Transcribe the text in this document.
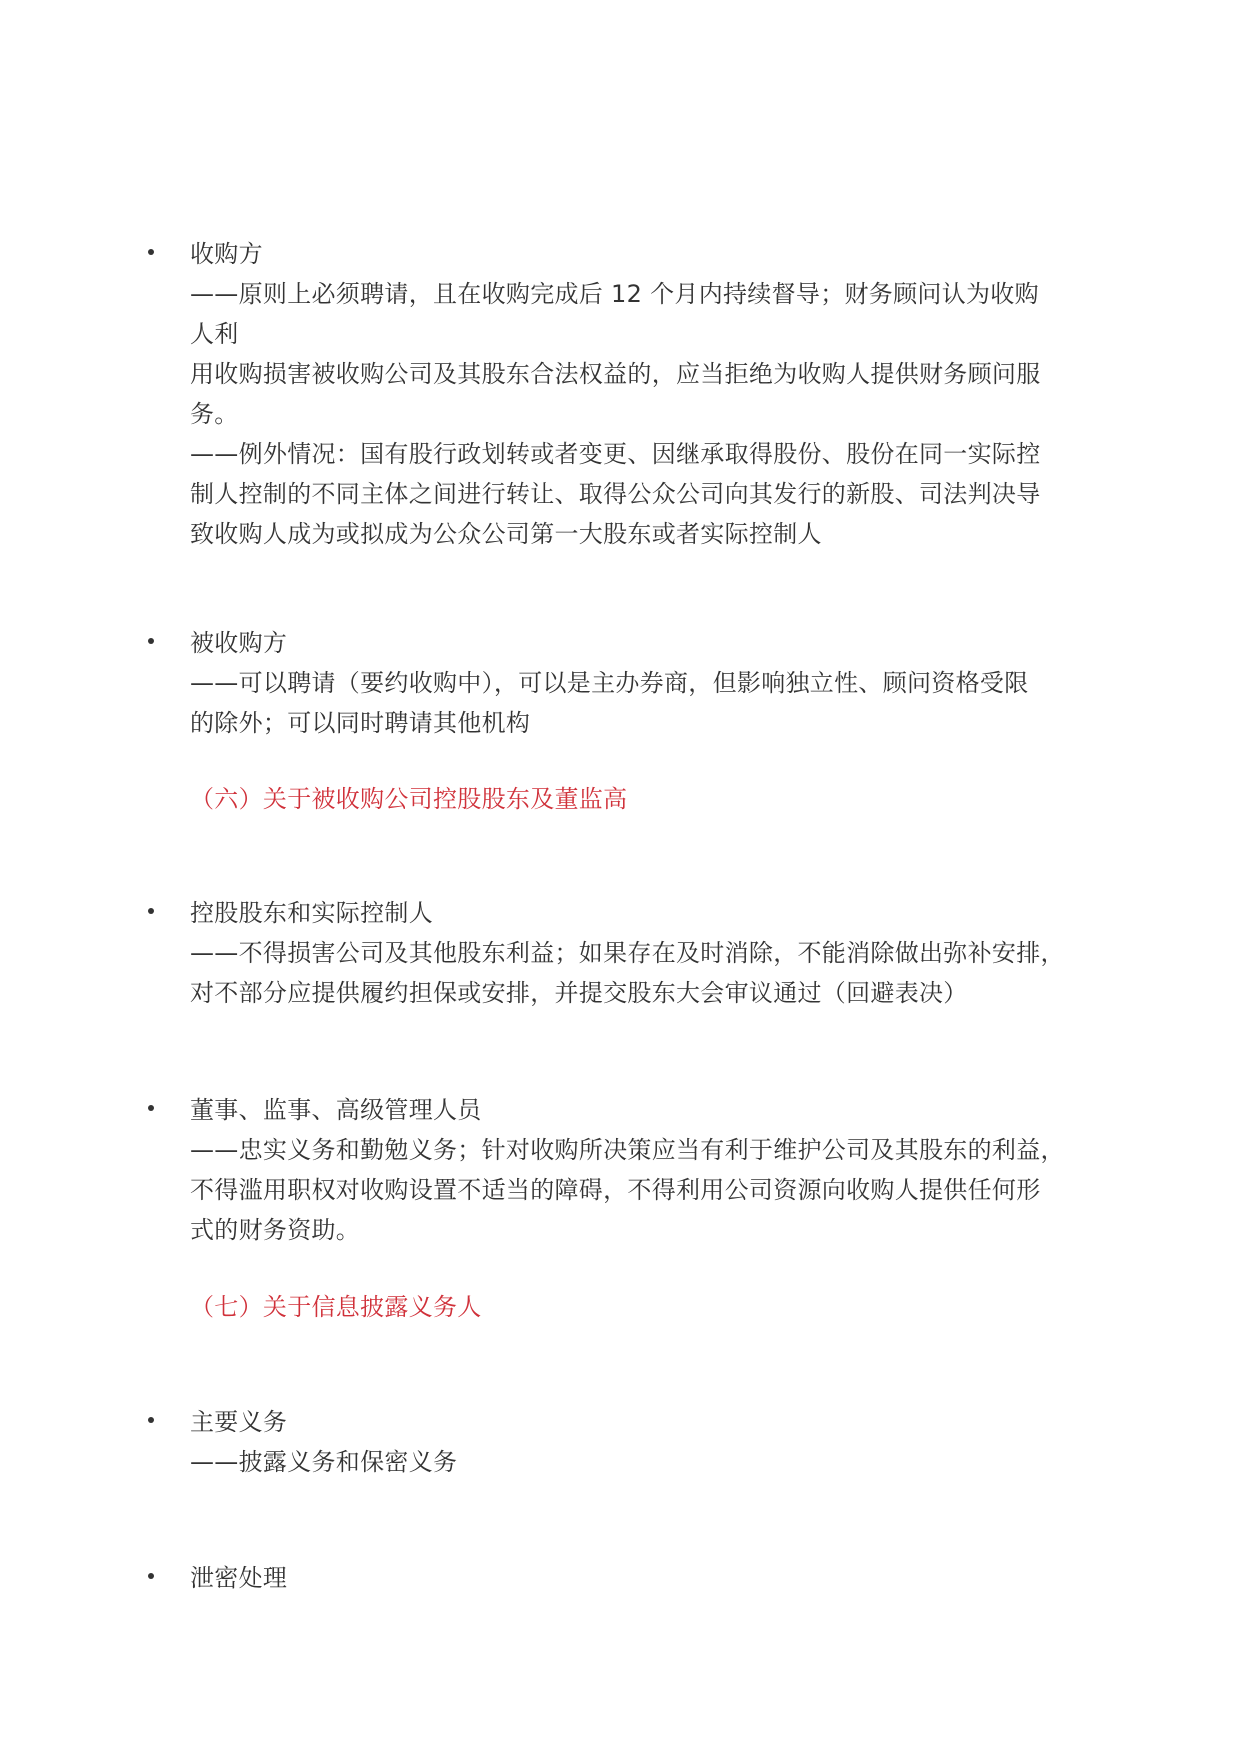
收购方
——原则上必须聘请，且在收购完成后 12 个月内持续督导；财务顾问认为收购
人利
用收购损害被收购公司及其股东合法权益的，应当拒绝为收购人提供财务顾问服
务。
——例外情况：国有股行政划转或者变更、因继承取得股份、股份在同一实际控
制人控制的不同主体之间进行转让、取得公众公司向其发行的新股、司法判决导
致收购人成为或拟成为公众公司第一大股东或者实际控制人
被收购方
——可以聘请（要约收购中），可以是主办券商，但影响独立性、顾问资格受限
的除外；可以同时聘请其他机构
（六）关于被收购公司控股股东及董监高
控股股东和实际控制人
——不得损害公司及其他股东利益；如果存在及时消除，不能消除做出弥补安排，
对不部分应提供履约担保或安排，并提交股东大会审议通过（回避表决）
董事、监事、高级管理人员
——忠实义务和勤勉义务；针对收购所决策应当有利于维护公司及其股东的利益，
不得滥用职权对收购设置不适当的障碍，不得利用公司资源向收购人提供任何形
式的财务资助。
（七）关于信息披露义务人
主要义务
——披露义务和保密义务
泄密处理
